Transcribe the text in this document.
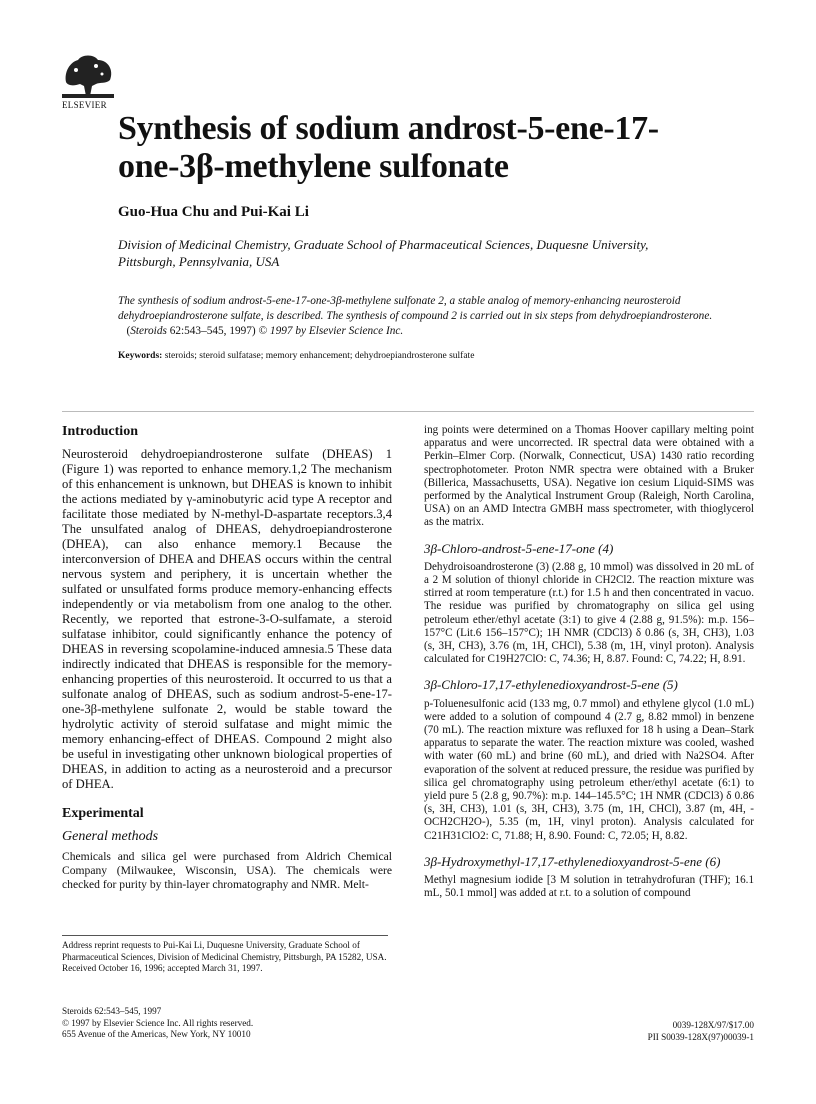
ELSEVIER
Synthesis of sodium androst-5-ene-17-
one-3β-methylene sulfonate
Guo-Hua Chu and Pui-Kai Li
Division of Medicinal Chemistry, Graduate School of Pharmaceutical Sciences, Duquesne University, Pittsburgh, Pennsylvania, USA
The synthesis of sodium androst-5-ene-17-one-3β-methylene sulfonate 2, a stable analog of memory-enhancing neurosteroid dehydroepiandrosterone sulfate, is described. The synthesis of compound 2 is carried out in six steps from dehydroepiandrosterone.    (Steroids 62:543–545, 1997) © 1997 by Elsevier Science Inc.
Keywords: steroids; steroid sulfatase; memory enhancement; dehydroepiandrosterone sulfate
Introduction

Neurosteroid dehydroepiandrosterone sulfate (DHEAS) 1 (Figure 1) was reported to enhance memory.1,2 The mechanism of this enhancement is unknown, but DHEAS is known to inhibit the actions mediated by γ-aminobutyric acid type A receptor and facilitate those mediated by N-methyl-D-aspartate receptors.3,4 The unsulfated analog of DHEAS, dehydroepiandrosterone (DHEA), can also enhance memory.1 Because the interconversion of DHEA and DHEAS occurs within the central nervous system and periphery, it is uncertain whether the sulfated or unsulfated forms produce memory-enhancing effects independently or via metabolism from one analog to the other. Recently, we reported that estrone-3-O-sulfamate, a steroid sulfatase inhibitor, could significantly enhance the potency of DHEAS in reversing scopolamine-induced amnesia.5 These data indirectly indicated that DHEAS is responsible for the memory-enhancing properties of this neurosteroid. It occurred to us that a sulfonate analog of DHEAS, such as sodium androst-5-ene-17-one-3β-methylene sulfonate 2, would be stable toward the hydrolytic activity of steroid sulfatase and might mimic the memory enhancing-effect of DHEAS. Compound 2 might also be useful in investigating other unknown biological properties of DHEAS, in addition to acting as a neurosteroid and a precursor of DHEA.

Experimental
General methods

Chemicals and silica gel were purchased from Aldrich Chemical Company (Milwaukee, Wisconsin, USA). The chemicals were checked for purity by thin-layer chromatography and NMR. Melt-

ing points were determined on a Thomas Hoover capillary melting point apparatus and were uncorrected. IR spectral data were obtained with a Perkin–Elmer Corp. (Norwalk, Connecticut, USA) 1430 ratio recording spectrophotometer. Proton NMR spectra were obtained with a Bruker (Billerica, Massachusetts, USA). Negative ion cesium Liquid-SIMS was performed by the Analytical Instrument Group (Raleigh, North Carolina, USA) on an AMD Intectra GMBH mass spectrometer, with thioglycerol as the matrix.

3β-Chloro-androst-5-ene-17-one (4)

Dehydroisoandrosterone (3) (2.88 g, 10 mmol) was dissolved in 20 mL of a 2 M solution of thionyl chloride in CH2Cl2. The reaction mixture was stirred at room temperature (r.t.) for 1.5 h and then concentrated in vacuo. The residue was purified by chromatography on silica gel using petroleum ether/ethyl acetate (3:1) to give 4 (2.88 g, 91.5%): m.p. 156–157°C (Lit.6 156–157°C); 1H NMR (CDCl3) δ 0.86 (s, 3H, CH3), 1.03 (s, 3H, CH3), 3.76 (m, 1H, CHCl), 5.38 (m, 1H, vinyl proton). Analysis calculated for C19H27ClO: C, 74.36; H, 8.87. Found: C, 74.22; H, 8.91.

3β-Chloro-17,17-ethylenedioxyandrost-5-ene (5)

p-Toluenesulfonic acid (133 mg, 0.7 mmol) and ethylene glycol (1.0 mL) were added to a solution of compound 4 (2.7 g, 8.82 mmol) in benzene (70 mL). The reaction mixture was refluxed for 18 h using a Dean–Stark apparatus to separate the water. The reaction mixture was cooled, washed with water (60 mL) and brine (60 mL), and dried with Na2SO4. After evaporation of the solvent at reduced pressure, the residue was purified by silica gel chromatography using petroleum ether/ethyl acetate (6:1) to yield pure 5 (2.8 g, 90.7%): m.p. 144–145.5°C; 1H NMR (CDCl3) δ 0.86 (s, 3H, CH3), 1.01 (s, 3H, CH3), 3.75 (m, 1H, CHCl), 3.87 (m, 4H, -OCH2CH2O-), 5.35 (m, 1H, vinyl proton). Analysis calculated for C21H31ClO2: C, 71.88; H, 8.90. Found: C, 72.05; H, 8.82.

3β-Hydroxymethyl-17,17-ethylenedioxyandrost-5-ene (6)

Methyl magnesium iodide [3 M solution in tetrahydrofuran (THF); 16.1 mL, 50.1 mmol] was added at r.t. to a solution of compound

Address reprint requests to Pui-Kai Li, Duquesne University, Graduate School of Pharmaceutical Sciences, Division of Medicinal Chemistry, Pittsburgh, PA 15282, USA.
Received October 16, 1996; accepted March 31, 1997.
Steroids 62:543–545, 1997
© 1997 by Elsevier Science Inc. All rights reserved.
655 Avenue of the Americas, New York, NY 10010
0039-128X/97/$17.00
PII S0039-128X(97)00039-1
